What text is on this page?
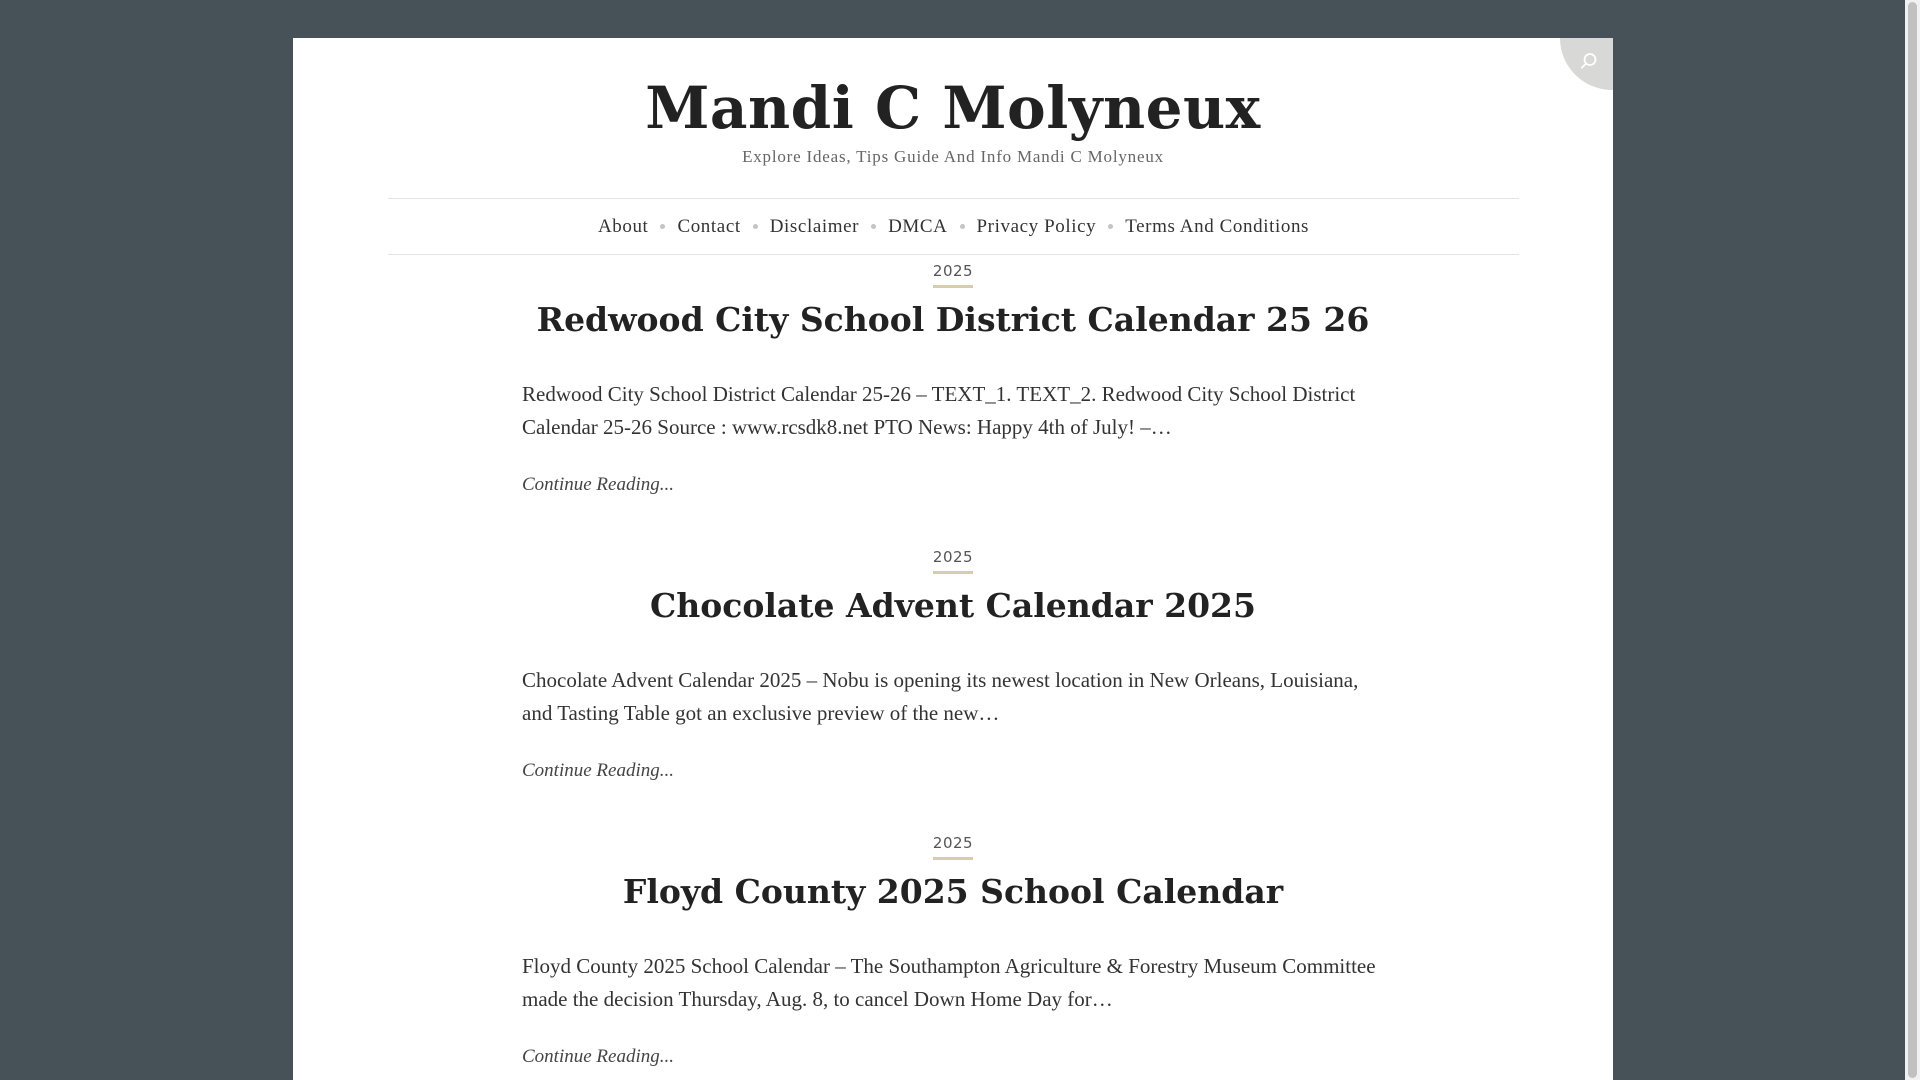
Mandi C Molyneux

Explore Ideas, Tips Guide And Info Mandi C Molyneux

About Contact Disclaimer DMCA Privacy Policy Terms And Conditions
2025
Redwood City School District Calendar 25 26

Redwood City School District Calendar 25-26 – TEXT_1. TEXT_2. Redwood City School District Calendar 25-26 Source : www.rcsdk8.net PTO News: Happy 4th of July! –…

Continue Reading...
2025
Chocolate Advent Calendar 2025

Chocolate Advent Calendar 2025 – Nobu is opening its newest location in New Orleans, Louisiana, and Tasting Table got an exclusive preview of the new…

Continue Reading...
2025
Floyd County 2025 School Calendar

Floyd County 2025 School Calendar – The Southampton Agriculture & Forestry Museum Committee made the decision Thursday, Aug. 8, to cancel Down Home Day for…

Continue Reading...
